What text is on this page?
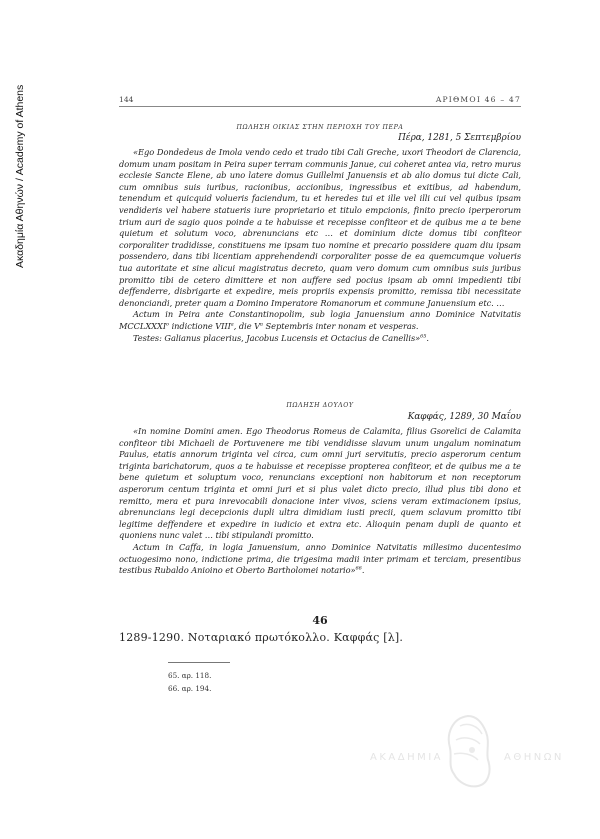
Ακαδημία Αθηνών / Academy of Athens	144	ΑΡΙΘΜΟΙ 46 – 47
ΠΩΛΗΣΗ ΟΙΚΙΑΣ ΣΤΗΝ ΠΕΡΙΟΧΗ ΤΟΥ ΠΕΡΑ
Πέρα, 1281, 5 Σεπτεμβρίου

«Ego Dondedeus de Imola vendo cedo et trado tibi Cali Greche, uxori Theodori de Clarencia, domum unam positam in Peira super terram communis Janue, cui coheret antea via, retro murus ecclesie Sancte Elene, ab uno latere domus Guillelmi Januensis et ab alio domus tui dicte Cali, cum omnibus suis iuribus, racionibus, accionibus, ingressibus et exitibus, ad habendum, tenendum et quicquid volueris faciendum, tu et heredes tui et ille vel illi cui vel quibus ipsam vendideris vel habere statueris iure proprietario et titulo empcionis, finito precio iperperorum trium auri de sagio quos poinde a te habuisse et recepisse confiteor et de quibus me a te bene quietum et solutum voco, abrenuncians etc … et dominium dicte domus tibi confiteor corporaliter tradidisse, constituens me ipsam tuo nomine et precario possidere quam diu ipsam possendero, dans tibi licentiam apprehendendi corporaliter posse de ea quemcumque volueris tua autoritate et sine alicui magistratus decreto, quam vero domum cum omnibus suis juribus promitto tibi de cetero dimittere et non auffere sed pocius ipsam ab omni impedienti tibi deffenderre, disbrigarte et expedire, meis propriis expensis promitto, remissa tibi necessitate denonciandi, preter quam a Domino Imperatore Romanorum et commune Januensium etc. …

Actum in Peira ante Constantinopolim, sub logia Januensium anno Dominice Natvitatis MCCLXXXI$^o$ indictione VIII$^a$, die $V^a$ Septembris inter nonam et vesperas.

Testes: Galianus placerius, Jacobus Lucensis et Octacius de Canellis»$^{65}$.

ΠΩΛΗΣΗ ΔΟΥΛΟΥ
Καφφάς, 1289, 30 Μαΐου

«In nomine Domini amen. Ego Theodorus Romeus de Calamita, filius Gsorelici de Calamita confiteor tibi Michaeli de Portuvenere me tibi vendidisse slavum unum ungalum nominatum Paulus, etatis annorum triginta vel circa, cum omni juri servitutis, precio asperorum centum triginta barichatorum, quos a te habuisse et recepisse propterea confiteor, et de quibus me a te bene quietum et soluptum voco, renuncians exceptioni non habitorum et non receptorum asperorum centum triginta et omni juri et si plus valet dicto precio, illud plus tibi dono et remitto, mera et pura inrevocabili donacione inter vivos, sciens veram extimacionem ipsius, abrenuncians legi decepcionis dupli ultra dimidiam iusti precii, quem sclavum promitto tibi legitime deffendere et expedire in iudicio et extra etc. Alioquin penam dupli de quanto et quoniens nunc valet … tibi stipulandi promitto.

Actum in Caffa, in logia Januensium, anno Dominice Natvitatis millesimo ducentesimo octuogesimo nono, indictione prima, die trigesima madii inter primam et terciam, presentibus testibus Rubaldo Anioino et Oberto Bartholomei notario»$^{66}$.

46
1289-1290. Νοταριακό πρωτόκολλο. Καφφάς [λ].
65. αρ. 118.
66. αρ. 194.
ΑΚΑΔΗΜΙΑ	ΑΘΗΝΩΝ
